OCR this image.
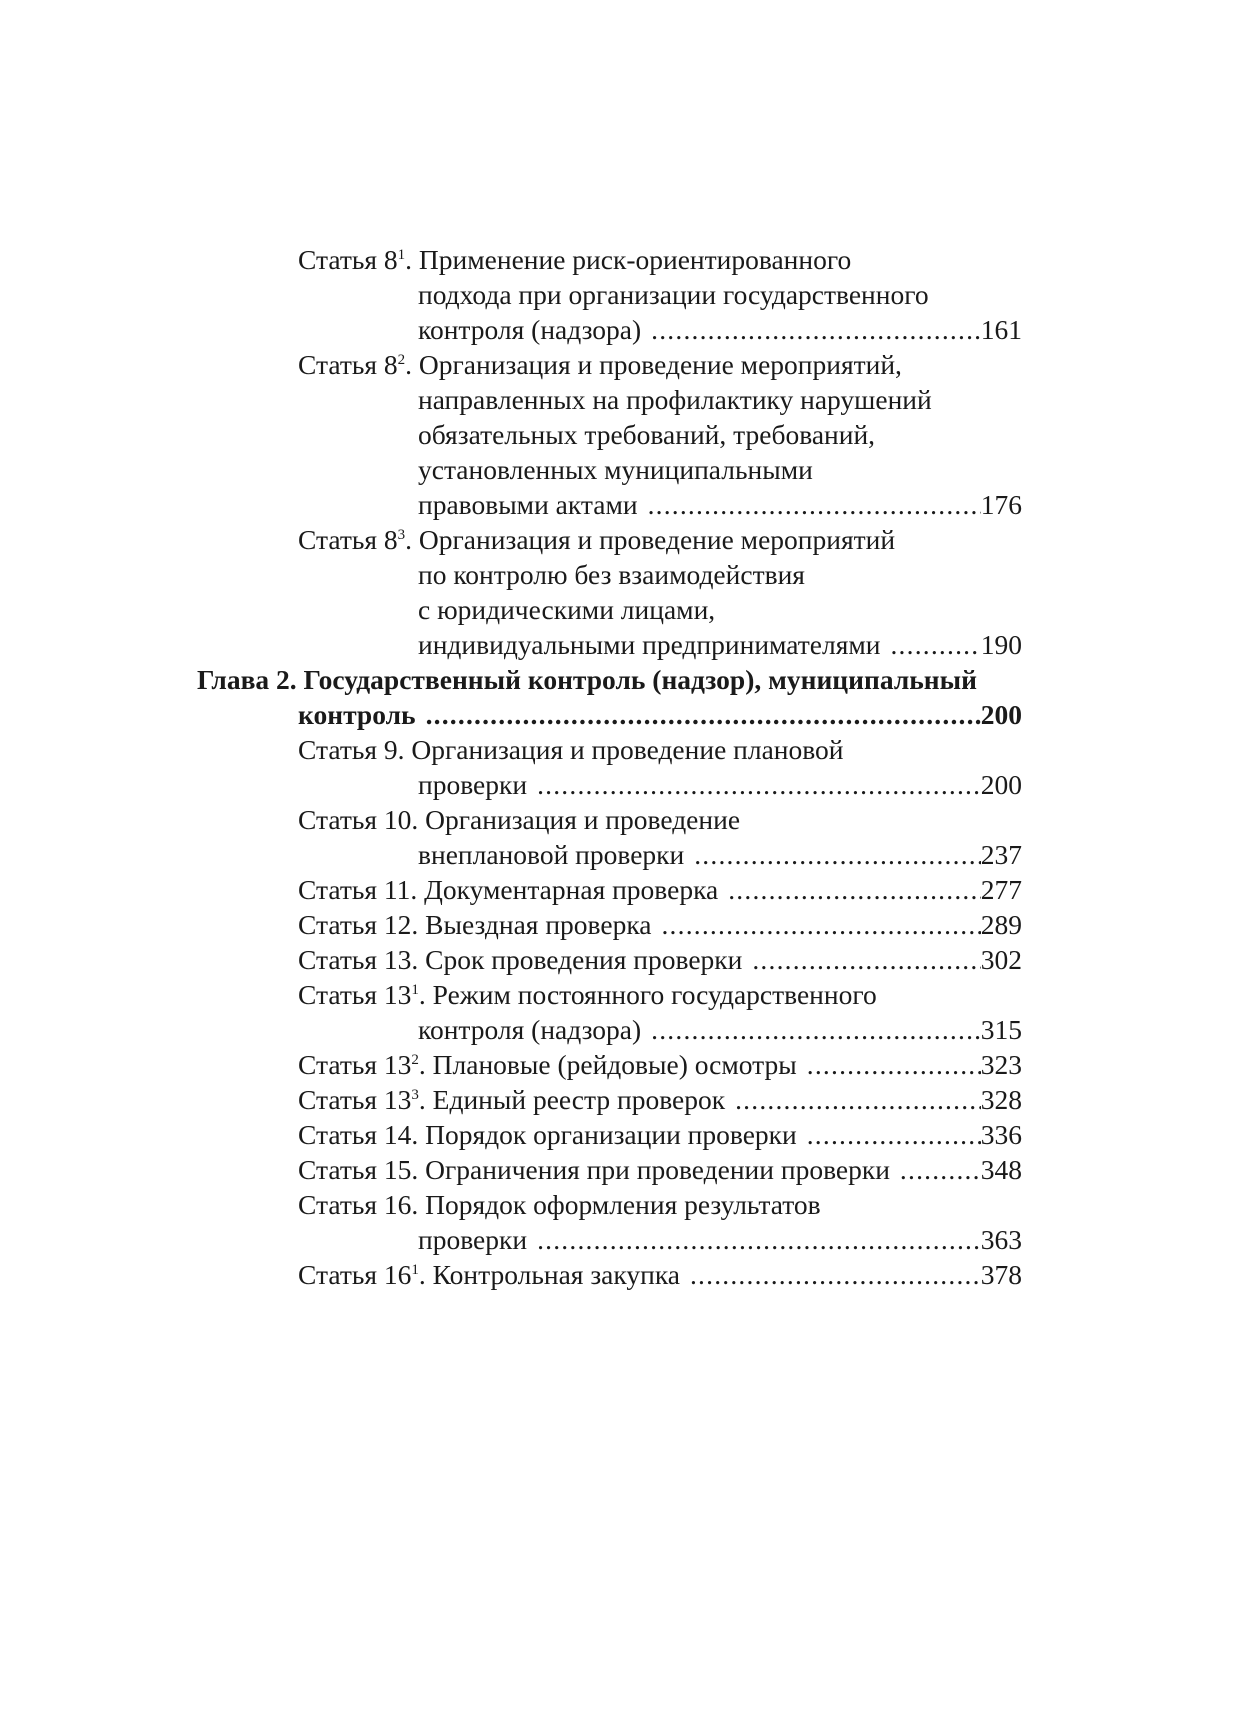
Статья $8^1$. Применение риск-ориентированного
подхода при организации государственного
контроля (надзора) .....	161
Статья $8^2$. Организация и проведение мероприятий,
направленных на профилактику нарушений
обязательных требований, требований,
установленных муниципальными
правовыми актами .....	176
Статья $8^3$. Организация и проведение мероприятий
по контролю без взаимодействия
с юридическими лицами,
индивидуальными предпринимателями .....	190
Глава 2. Государственный контроль (надзор), муниципальный
контроль .....	200
Статья 9. Организация и проведение плановой
проверки .....	200
Статья 10. Организация и проведение
внеплановой проверки .....	237
Статья 11. Документарная проверка .....	277
Статья 12. Выездная проверка .....	289
Статья 13. Срок проведения проверки .....	302
Статья $13^1$. Режим постоянного государственного
контроля (надзора) .....	315
Статья $13^2$. Плановые (рейдовые) осмотры .....	323
Статья $13^3$. Единый реестр проверок .....	328
Статья 14. Порядок организации проверки .....	336
Статья 15. Ограничения при проведении проверки .....	348
Статья 16. Порядок оформления результатов
проверки .....	363
Статья $16^1$. Контрольная закупка .....	378
